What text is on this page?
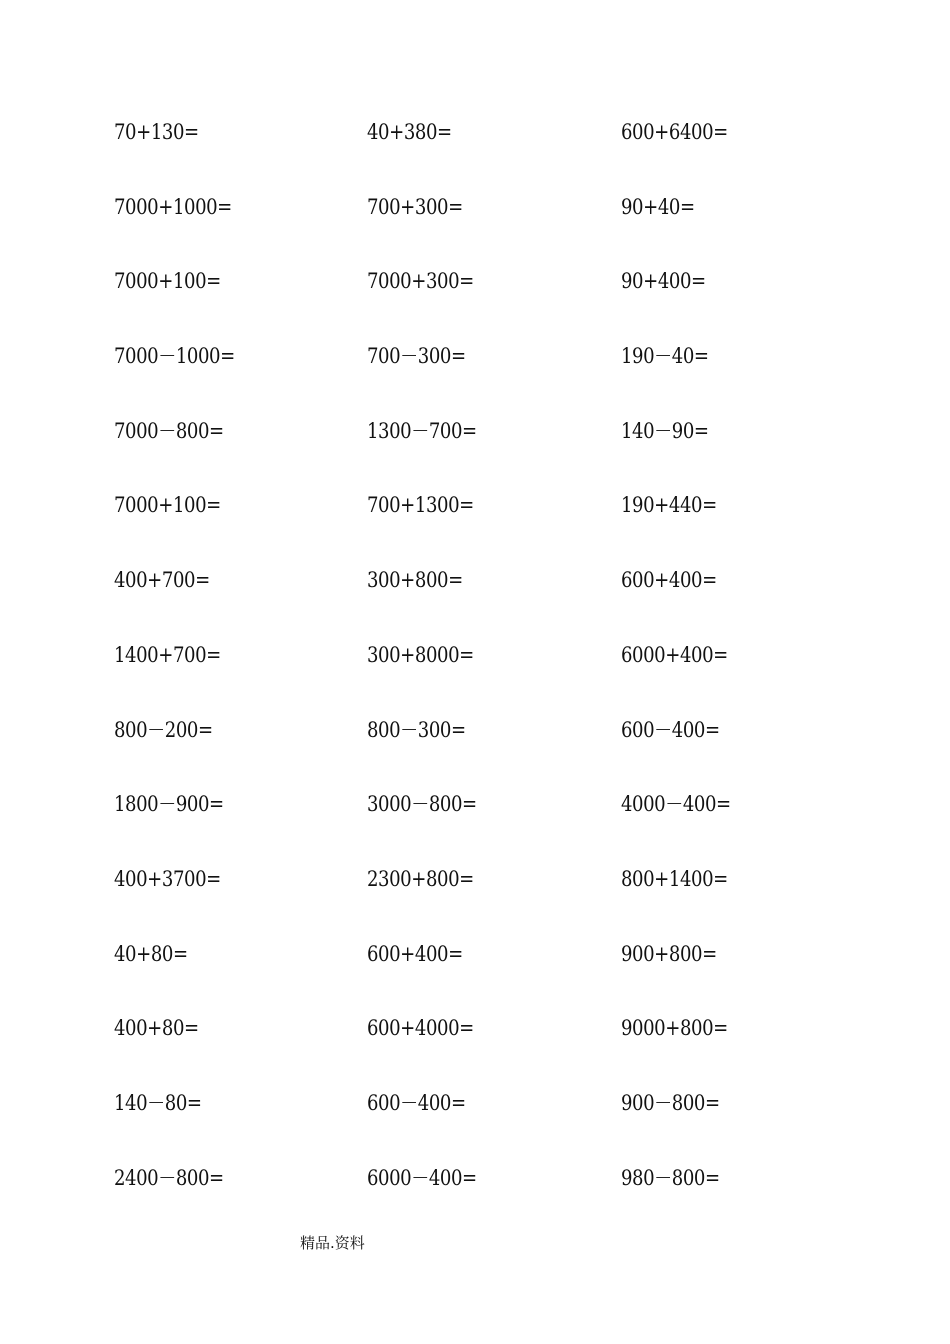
70+130=	40+380=	600+6400=
7000+1000=	700+300=	90+40=
7000+100=	7000+300=	90+400=
7000－1000=	700－300=	190－40=
7000－800=	1300－700=	140－90=
7000+100=	700+1300=	190+440=
400+700=	300+800=	600+400=
1400+700=	300+8000=	6000+400=
800－200=	800－300=	600－400=
1800－900=	3000－800=	4000－400=
400+3700=	2300+800=	800+1400=
40+80=	600+400=	900+800=
400+80=	600+4000=	9000+800=
140－80=	600－400=	900－800=
2400－800=	6000－400=	980－800=
精品.资料
